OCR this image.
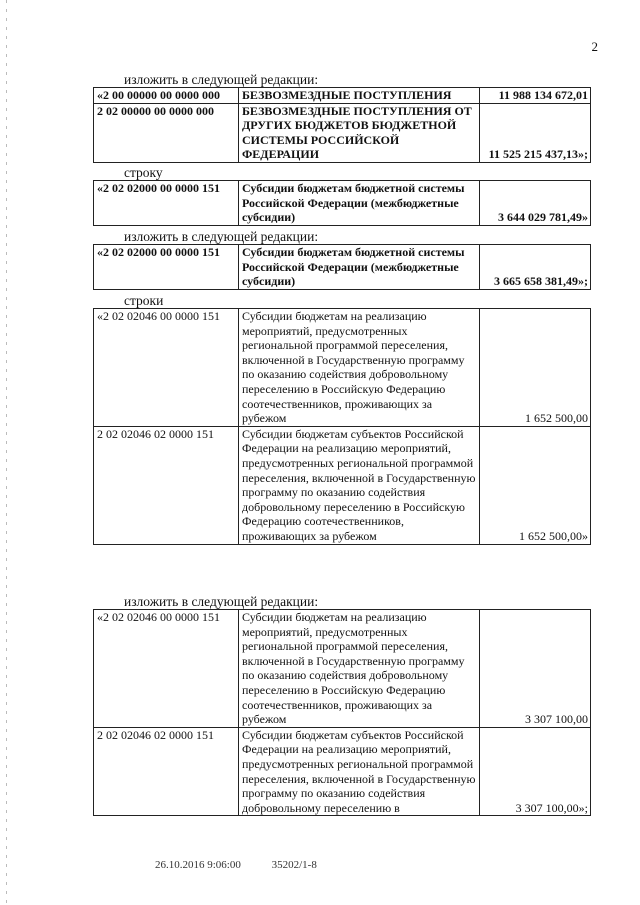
2
изложить в следующей редакции:
«2 00 00000 00 0000 000	БЕЗВОЗМЕЗДНЫЕ ПОСТУПЛЕНИЯ	11 988 134 672,01
2 02 00000 00 0000 000	БЕЗВОЗМЕЗДНЫЕ ПОСТУПЛЕНИЯ ОТ ДРУГИХ БЮДЖЕТОВ БЮДЖЕТНОЙ СИСТЕМЫ РОССИЙСКОЙ ФЕДЕРАЦИИ	11 525 215 437,13»;
строку
«2 02 02000 00 0000 151	Субсидии бюджетам бюджетной системы Российской Федерации (межбюджетные субсидии)	3 644 029 781,49»
изложить в следующей редакции:
«2 02 02000 00 0000 151	Субсидии бюджетам бюджетной системы Российской Федерации (межбюджетные субсидии)	3 665 658 381,49»;
строки
«2 02 02046 00 0000 151	Субсидии бюджетам на реализацию мероприятий, предусмотренных региональной программой переселения, включенной в Государственную программу по оказанию содействия добровольному переселению в Российскую Федерацию соотечественников, проживающих за рубежом	1 652 500,00
2 02 02046 02 0000 151	Субсидии бюджетам субъектов Российской Федерации на реализацию мероприятий, предусмотренных региональной программой переселения, включенной в Государственную программу по оказанию содействия добровольному переселению в Российскую Федерацию соотечественников, проживающих за рубежом	1 652 500,00»
изложить в следующей редакции:
«2 02 02046 00 0000 151	Субсидии бюджетам на реализацию мероприятий, предусмотренных региональной программой переселения, включенной в Государственную программу по оказанию содействия добровольному переселению в Российскую Федерацию соотечественников, проживающих за рубежом	3 307 100,00
2 02 02046 02 0000 151	Субсидии бюджетам субъектов Российской Федерации на реализацию мероприятий, предусмотренных региональной программой переселения, включенной в Государственную программу по оказанию содействия добровольному переселению в	3 307 100,00»;
26.10.2016 9:06:00	35202/1-8
